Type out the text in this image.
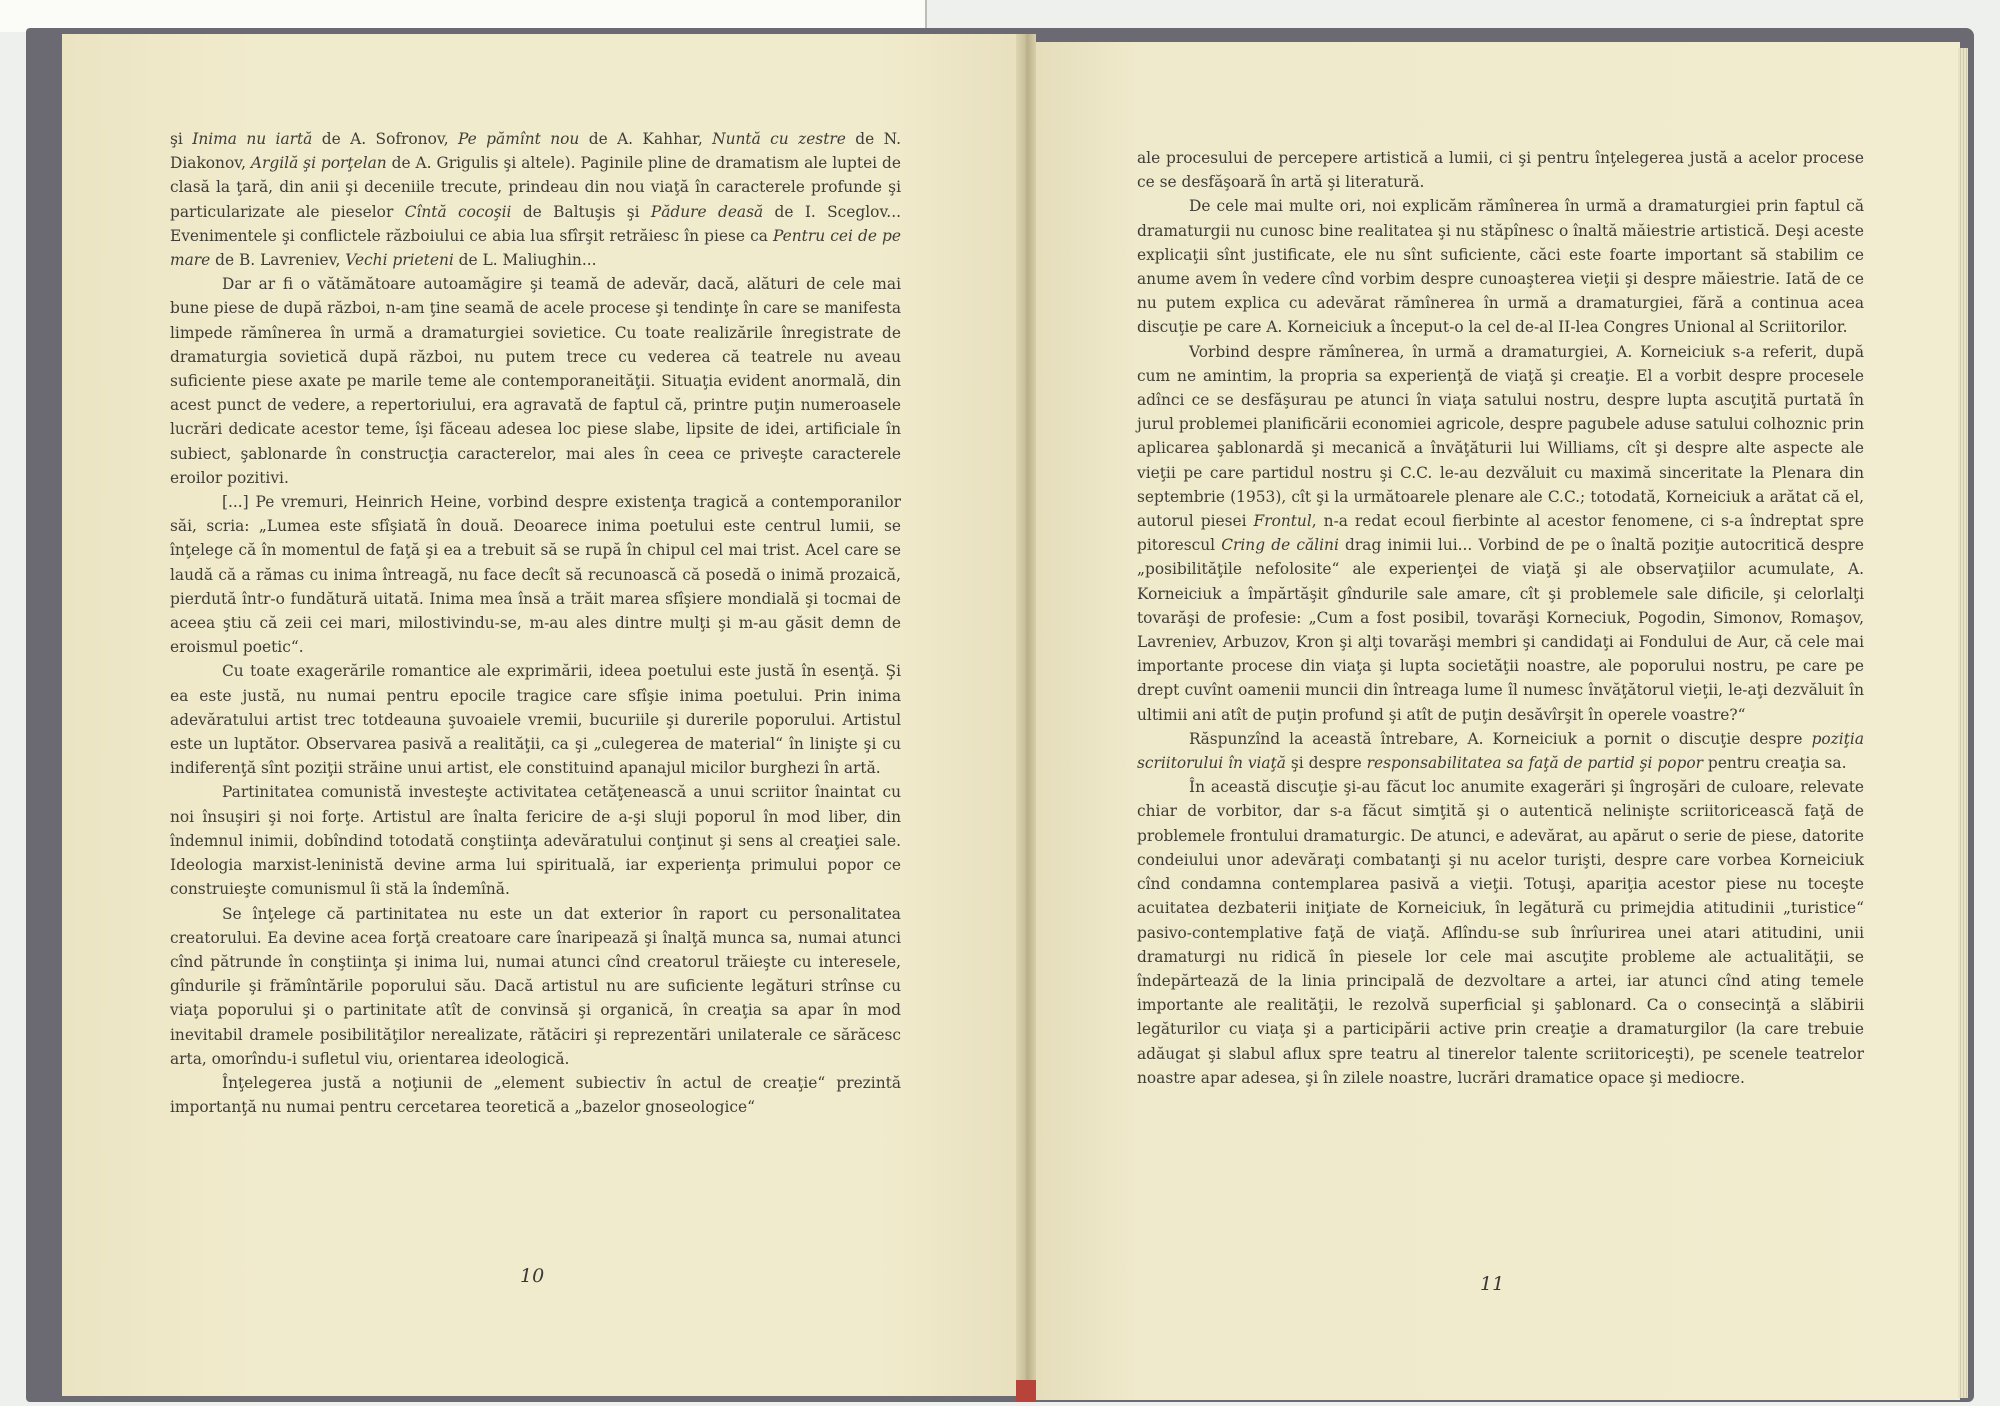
şi Inima nu iartă de A. Sofronov, Pe pămînt nou de A. Kahhar, Nuntă cu zestre de N. Diakonov, Argilă şi porţelan de A. Grigulis şi altele). Paginile pline de dramatism ale luptei de clasă la ţară, din anii şi deceniile trecute, prindeau din nou viaţă în caracterele profunde şi particularizate ale pieselor Cîntă cocoşii de Baltuşis şi Pădure deasă de I. Sceglov... Evenimentele şi conflictele războiului ce abia lua sfîrşit retrăiesc în piese ca Pentru cei de pe mare de B. Lavreniev, Vechi prieteni de L. Maliughin...

Dar ar fi o vătămătoare autoamăgire şi teamă de adevăr, dacă, alături de cele mai bune piese de după război, n-am ţine seamă de acele procese şi tendinţe în care se manifesta limpede rămînerea în urmă a dramaturgiei sovietice. Cu toate realizările înregistrate de dramaturgia sovietică după război, nu putem trece cu vederea că teatrele nu aveau suficiente piese axate pe marile teme ale contemporaneităţii. Situaţia evident anormală, din acest punct de vedere, a repertoriului, era agravată de faptul că, printre puţin numeroasele lucrări dedicate acestor teme, îşi făceau adesea loc piese slabe, lipsite de idei, artificiale în subiect, şablonarde în construcţia caracterelor, mai ales în ceea ce priveşte caracterele eroilor pozitivi.

[...] Pe vremuri, Heinrich Heine, vorbind despre existenţa tragică a contemporanilor săi, scria: „Lumea este sfîşiată în două. Deoarece inima poetului este centrul lumii, se înţelege că în momentul de faţă şi ea a trebuit să se rupă în chipul cel mai trist. Acel care se laudă că a rămas cu inima întreagă, nu face decît să recunoască că posedă o inimă prozaică, pierdută într-o fundătură uitată. Inima mea însă a trăit marea sfîşiere mondială şi tocmai de aceea ştiu că zeii cei mari, milostivindu-se, m-au ales dintre mulţi şi m-au găsit demn de eroismul poetic“.

Cu toate exagerările romantice ale exprimării, ideea poetului este justă în esenţă. Şi ea este justă, nu numai pentru epocile tragice care sfîşie inima poetului. Prin inima adevăratului artist trec totdeauna şuvoaiele vremii, bucuriile şi durerile poporului. Artistul este un luptător. Observarea pasivă a realităţii, ca şi „culegerea de material“ în linişte şi cu indiferenţă sînt poziţii străine unui artist, ele constituind apanajul micilor burghezi în artă.

Partinitatea comunistă investeşte activitatea cetăţenească a unui scriitor înaintat cu noi însuşiri şi noi forţe. Artistul are înalta fericire de a-şi sluji poporul în mod liber, din îndemnul inimii, dobîndind totodată conştiinţa adevăratului conţinut şi sens al creaţiei sale. Ideologia marxist-leninistă devine arma lui spirituală, iar experienţa primului popor ce construieşte comunismul îi stă la îndemînă.

Se înţelege că partinitatea nu este un dat exterior în raport cu personalitatea creatorului. Ea devine acea forţă creatoare care înaripează şi înalţă munca sa, numai atunci cînd pătrunde în conştiinţa şi inima lui, numai atunci cînd creatorul trăieşte cu interesele, gîndurile şi frămîntările poporului său. Dacă artistul nu are suficiente legături strînse cu viaţa poporului şi o partinitate atît de convinsă şi organică, în creaţia sa apar în mod inevitabil dramele posibilităţilor nerealizate, rătăciri şi reprezentări unilaterale ce sărăcesc arta, omorîndu-i sufletul viu, orientarea ideologică.

Înţelegerea justă a noţiunii de „element subiectiv în actul de creaţie“ prezintă importanţă nu numai pentru cercetarea teoretică a „bazelor gnoseologice“

ale procesului de percepere artistică a lumii, ci şi pentru înţelegerea justă a acelor procese ce se desfăşoară în artă şi literatură.

De cele mai multe ori, noi explicăm rămînerea în urmă a dramaturgiei prin faptul că dramaturgii nu cunosc bine realitatea şi nu stăpînesc o înaltă măiestrie artistică. Deşi aceste explicaţii sînt justificate, ele nu sînt suficiente, căci este foarte important să stabilim ce anume avem în vedere cînd vorbim despre cunoaşterea vieţii şi despre măiestrie. Iată de ce nu putem explica cu adevărat rămînerea în urmă a dramaturgiei, fără a continua acea discuţie pe care A. Korneiciuk a început-o la cel de-al II-lea Congres Unional al Scriitorilor.

Vorbind despre rămînerea, în urmă a dramaturgiei, A. Korneiciuk s-a referit, după cum ne amintim, la propria sa experienţă de viaţă şi creaţie. El a vorbit despre procesele adînci ce se desfăşurau pe atunci în viaţa satului nostru, despre lupta ascuţită purtată în jurul problemei planificării economiei agricole, despre pagubele aduse satului colhoznic prin aplicarea şablonardă şi mecanică a învăţăturii lui Williams, cît şi despre alte aspecte ale vieţii pe care partidul nostru şi C.C. le-au dezvăluit cu maximă sinceritate la Plenara din septembrie (1953), cît şi la următoarele plenare ale C.C.; totodată, Korneiciuk a arătat că el, autorul piesei Frontul, n-a redat ecoul fierbinte al acestor fenomene, ci s-a îndreptat spre pitorescul Cring de călini drag inimii lui... Vorbind de pe o înaltă poziţie autocritică despre „posibilităţile nefolosite“ ale experienţei de viaţă şi ale observaţiilor acumulate, A. Korneiciuk a împărtăşit gîndurile sale amare, cît şi problemele sale dificile, şi celorlalţi tovarăşi de profesie: „Cum a fost posibil, tovarăşi Korneciuk, Pogodin, Simonov, Romaşov, Lavreniev, Arbuzov, Kron şi alţi tovarăşi membri şi candidaţi ai Fondului de Aur, că cele mai importante procese din viaţa şi lupta societăţii noastre, ale poporului nostru, pe care pe drept cuvînt oamenii muncii din întreaga lume îl numesc învăţătorul vieţii, le-aţi dezvăluit în ultimii ani atît de puţin profund şi atît de puţin desăvîrşit în operele voastre?“

Răspunzînd la această întrebare, A. Korneiciuk a pornit o discuţie despre poziţia scriitorului în viaţă şi despre responsabilitatea sa faţă de partid şi popor pentru creaţia sa.

În această discuţie şi-au făcut loc anumite exagerări şi îngroşări de culoare, relevate chiar de vorbitor, dar s-a făcut simţită şi o autentică nelinişte scriitoricească faţă de problemele frontului dramaturgic. De atunci, e adevărat, au apărut o serie de piese, datorite condeiului unor adevăraţi combatanţi şi nu acelor turişti, despre care vorbea Korneiciuk cînd condamna contemplarea pasivă a vieţii. Totuşi, apariţia acestor piese nu toceşte acuitatea dezbaterii iniţiate de Korneiciuk, în legătură cu primejdia atitudinii „turistice“ pasivo-contemplative faţă de viaţă. Aflîndu-se sub înrîurirea unei atari atitudini, unii dramaturgi nu ridică în piesele lor cele mai ascuţite probleme ale actualităţii, se îndepărtează de la linia principală de dezvoltare a artei, iar atunci cînd ating temele importante ale realităţii, le rezolvă superficial şi şablonard. Ca o consecinţă a slăbirii legăturilor cu viaţa şi a participării active prin creaţie a dramaturgilor (la care trebuie adăugat şi slabul aflux spre teatru al tinerelor talente scriitoriceşti), pe scenele teatrelor noastre apar adesea, şi în zilele noastre, lucrări dramatice opace şi mediocre.

10	11
